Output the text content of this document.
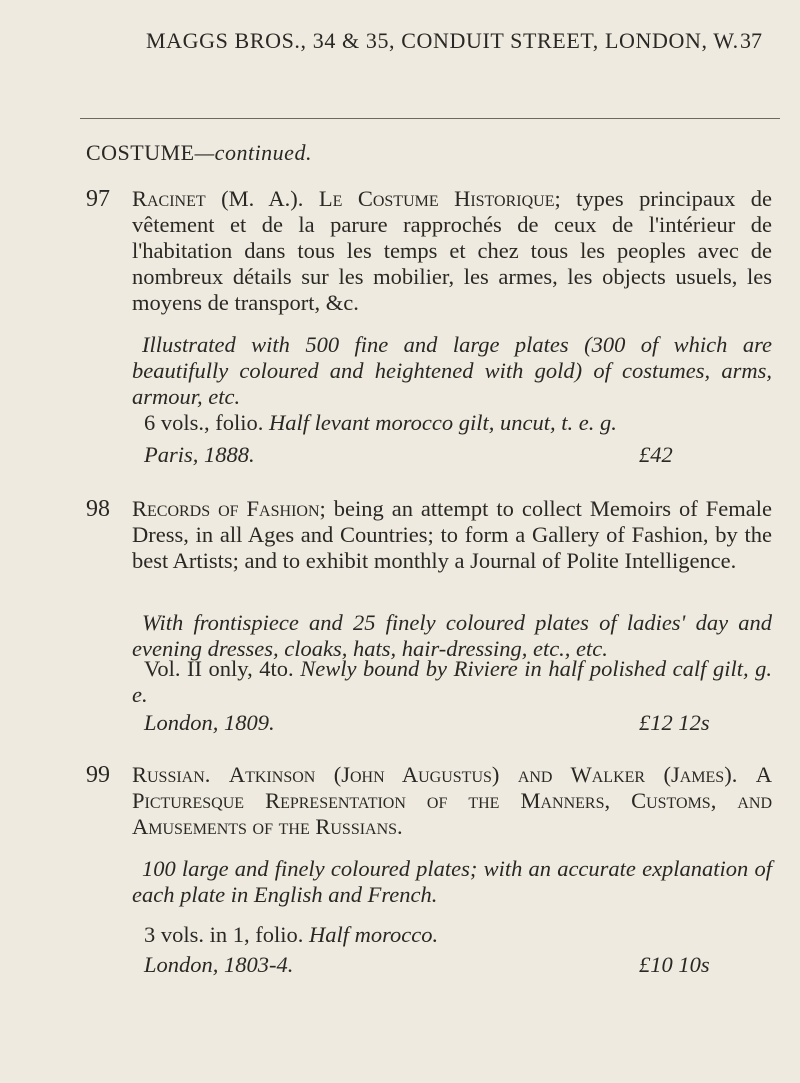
MAGGS BROS., 34 & 35, CONDUIT STREET, LONDON, W. 37
COSTUME—continued.
97 Racinet (M. A.). Le Costume Historique; types principaux de vêtement et de la parure rapprochés de ceux de l'intérieur de l'habitation dans tous les temps et chez tous les peoples avec de nombreux détails sur les mobilier, les armes, les objects usuels, les moyens de transport, &c.
Illustrated with 500 fine and large plates (300 of which are beautifully coloured and heightened with gold) of costumes, arms, armour, etc.
6 vols., folio. Half levant morocco gilt, uncut, t. e. g.
Paris, 1888.	£42
98 Records of Fashion; being an attempt to collect Memoirs of Female Dress, in all Ages and Countries; to form a Gallery of Fashion, by the best Artists; and to exhibit monthly a Journal of Polite Intelligence.
With frontispiece and 25 finely coloured plates of ladies' day and evening dresses, cloaks, hats, hair-dressing, etc., etc.
Vol. II only, 4to. Newly bound by Riviere in half polished calf gilt, g. e.
London, 1809.	£12 12s
99 Russian. Atkinson (John Augustus) and Walker (James). A Picturesque Representation of the Manners, Customs, and Amusements of the Russians.
100 large and finely coloured plates; with an accurate explanation of each plate in English and French.
3 vols. in 1, folio. Half morocco.
London, 1803-4.	£10 10s
